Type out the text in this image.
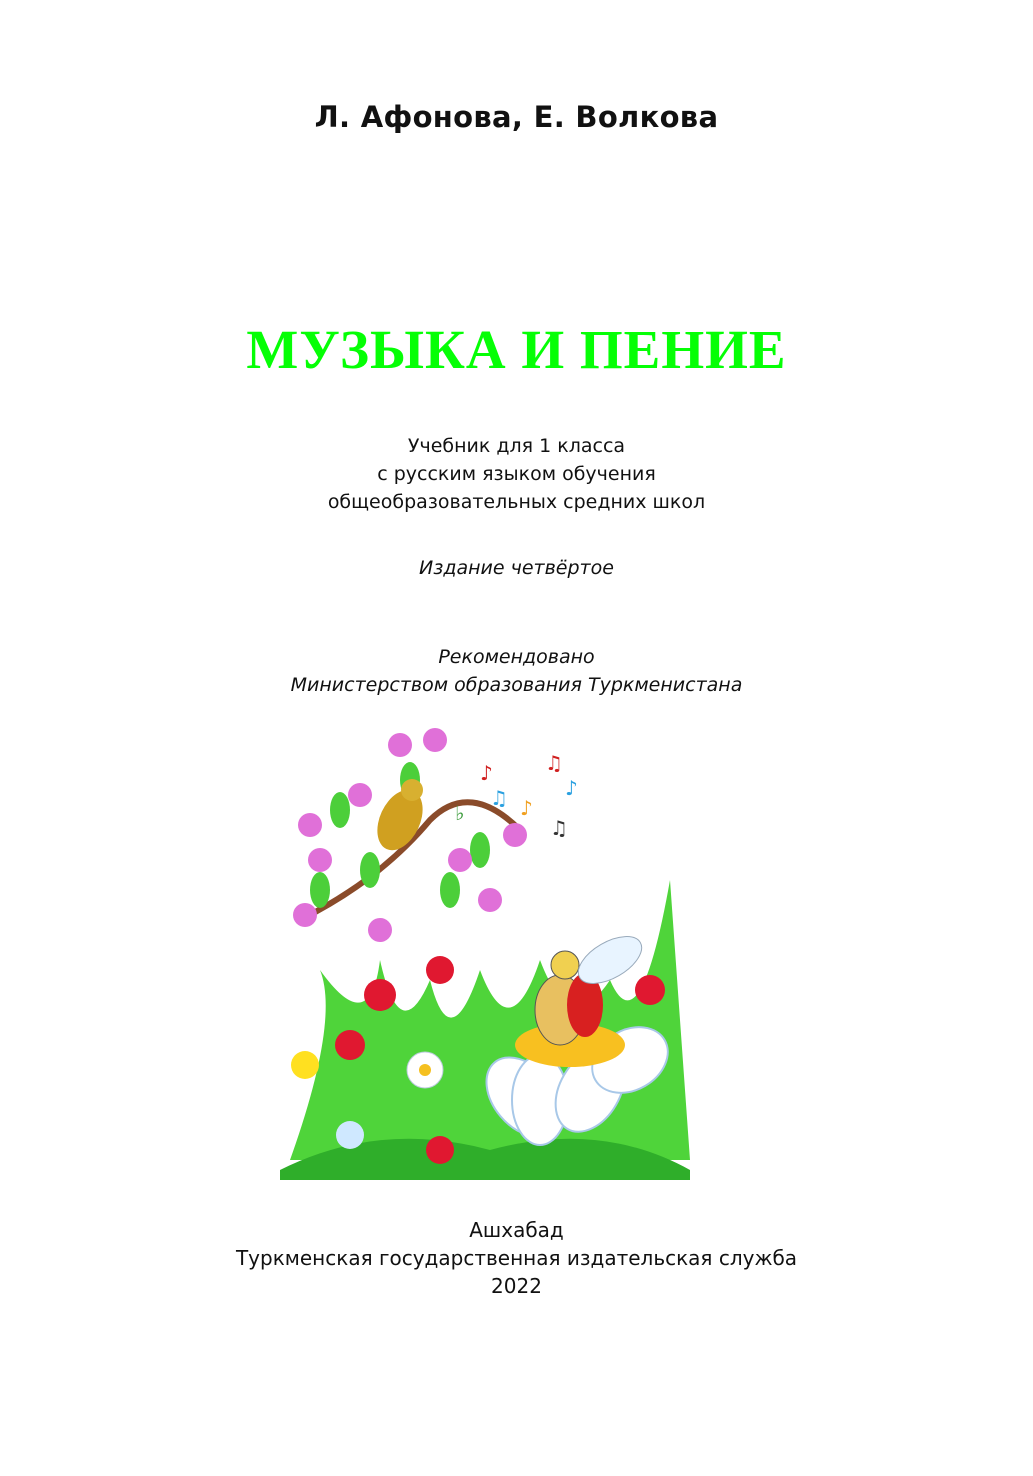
Л. Афонова, Е. Волкова
МУЗЫКА И ПЕНИЕ
Учебник для 1 класса
с русским языком обучения
общеобразовательных средних школ
Издание четвёртое
Рекомендовано
Министерством образования Туркменистана
♪	♫
♫ ♪
♪
♫
♭
Ашхабад
Туркменская государственная издательская служба
2022
